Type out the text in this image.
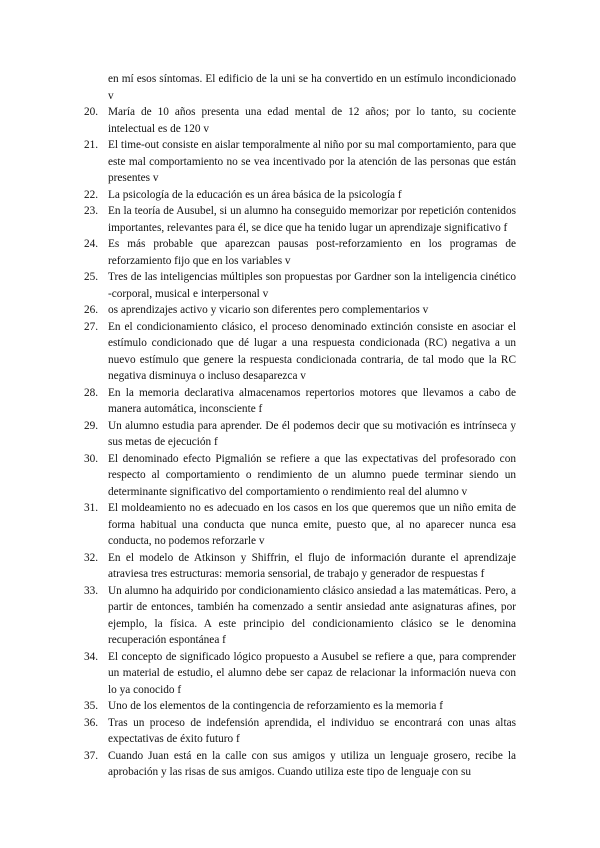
en mí esos síntomas. El edificio de la uni se ha convertido en un estímulo incondicionado v
20. María de 10 años presenta una edad mental de 12 años; por lo tanto, su cociente intelectual es de 120 v
21. El time-out consiste en aislar temporalmente al niño por su mal comportamiento, para que este mal comportamiento no se vea incentivado por la atención de las personas que están presentes v
22. La psicología de la educación es un área básica de la psicología f
23. En la teoría de Ausubel, si un alumno ha conseguido memorizar por repetición contenidos importantes, relevantes para él, se dice que ha tenido lugar un aprendizaje significativo f
24. Es más probable que aparezcan pausas post-reforzamiento en los programas de reforzamiento fijo que en los variables v
25. Tres de las inteligencias múltiples son propuestas por Gardner son la inteligencia cinético -corporal, musical e interpersonal v
26. os aprendizajes activo y vicario son diferentes pero complementarios v
27. En el condicionamiento clásico, el proceso denominado extinción consiste en asociar el estímulo condicionado que dé lugar a una respuesta condicionada (RC) negativa a un nuevo estímulo que genere la respuesta condicionada contraria, de tal modo que la RC negativa disminuya o incluso desaparezca v
28. En la memoria declarativa almacenamos repertorios motores que llevamos a cabo de manera automática, inconsciente f
29. Un alumno estudia para aprender. De él podemos decir que su motivación es intrínseca y sus metas de ejecución f
30. El denominado efecto Pigmalión se refiere a que las expectativas del profesorado con respecto al comportamiento o rendimiento de un alumno puede terminar siendo un determinante significativo del comportamiento o rendimiento real del alumno v
31. El moldeamiento no es adecuado en los casos en los que queremos que un niño emita de forma habitual una conducta que nunca emite, puesto que, al no aparecer nunca esa conducta, no podemos reforzarle v
32. En el modelo de Atkinson y Shiffrin, el flujo de información durante el aprendizaje atraviesa tres estructuras: memoria sensorial, de trabajo y generador de respuestas f
33. Un alumno ha adquirido por condicionamiento clásico ansiedad a las matemáticas. Pero, a partir de entonces, también ha comenzado a sentir ansiedad ante asignaturas afines, por ejemplo, la física. A este principio del condicionamiento clásico se le denomina recuperación espontánea f
34. El concepto de significado lógico propuesto a Ausubel se refiere a que, para comprender un material de estudio, el alumno debe ser capaz de relacionar la información nueva con lo ya conocido f
35. Uno de los elementos de la contingencia de reforzamiento es la memoria f
36. Tras un proceso de indefensión aprendida, el individuo se encontrará con unas altas expectativas de éxito futuro f
37. Cuando Juan está en la calle con sus amigos y utiliza un lenguaje grosero, recibe la aprobación y las risas de sus amigos. Cuando utiliza este tipo de lenguaje con su
